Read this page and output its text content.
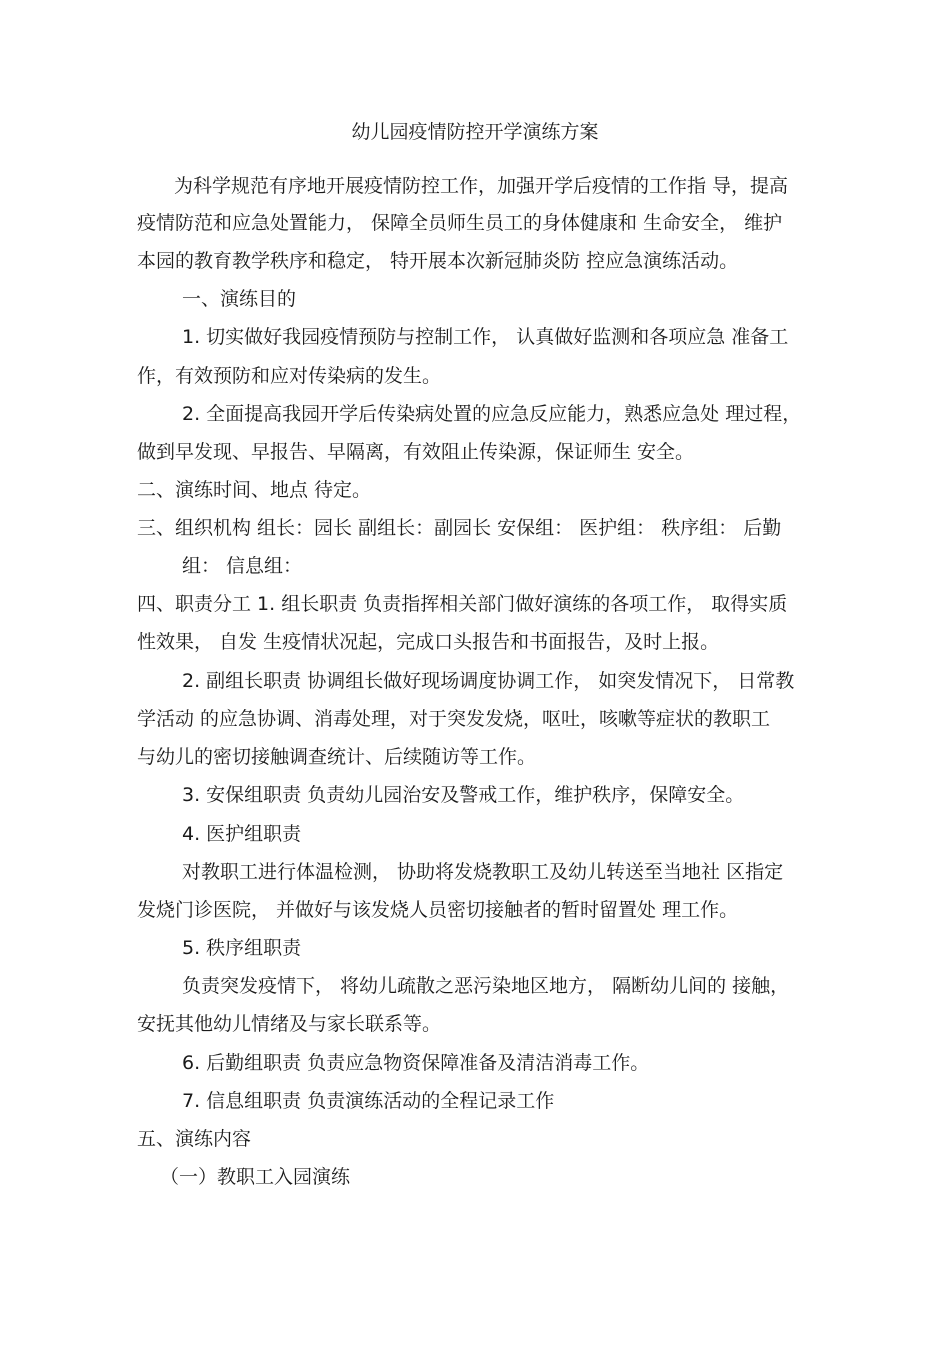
幼儿园疫情防控开学演练方案
为科学规范有序地开展疫情防控工作，加强开学后疫情的工作指 导，提高
疫情防范和应急处置能力， 保障全员师生员工的身体健康和 生命安全， 维护
本园的教育教学秩序和稳定， 特开展本次新冠肺炎防 控应急演练活动。
一、演练目的
1. 切实做好我园疫情预防与控制工作， 认真做好监测和各项应急 准备工
作，有效预防和应对传染病的发生。
2. 全面提高我园开学后传染病处置的应急反应能力，熟悉应急处 理过程，
做到早发现、早报告、早隔离，有效阻止传染源，保证师生 安全。
二、演练时间、地点 待定。
三、组织机构 组长：园长 副组长：副园长 安保组： 医护组： 秩序组： 后勤
组： 信息组：
四、职责分工 1. 组长职责 负责指挥相关部门做好演练的各项工作， 取得实质
性效果， 自发 生疫情状况起，完成口头报告和书面报告，及时上报。
2. 副组长职责 协调组长做好现场调度协调工作， 如突发情况下， 日常教
学活动 的应急协调、消毒处理，对于突发发烧，呕吐，咳嗽等症状的教职工
与幼儿的密切接触调查统计、后续随访等工作。
3. 安保组职责 负责幼儿园治安及警戒工作，维护秩序，保障安全。
4. 医护组职责
对教职工进行体温检测， 协助将发烧教职工及幼儿转送至当地社 区指定
发烧门诊医院， 并做好与该发烧人员密切接触者的暂时留置处 理工作。
5. 秩序组职责
负责突发疫情下， 将幼儿疏散之恶污染地区地方， 隔断幼儿间的 接触，
安抚其他幼儿情绪及与家长联系等。
6. 后勤组职责 负责应急物资保障准备及清洁消毒工作。
7. 信息组职责 负责演练活动的全程记录工作
五、演练内容
（一）教职工入园演练
